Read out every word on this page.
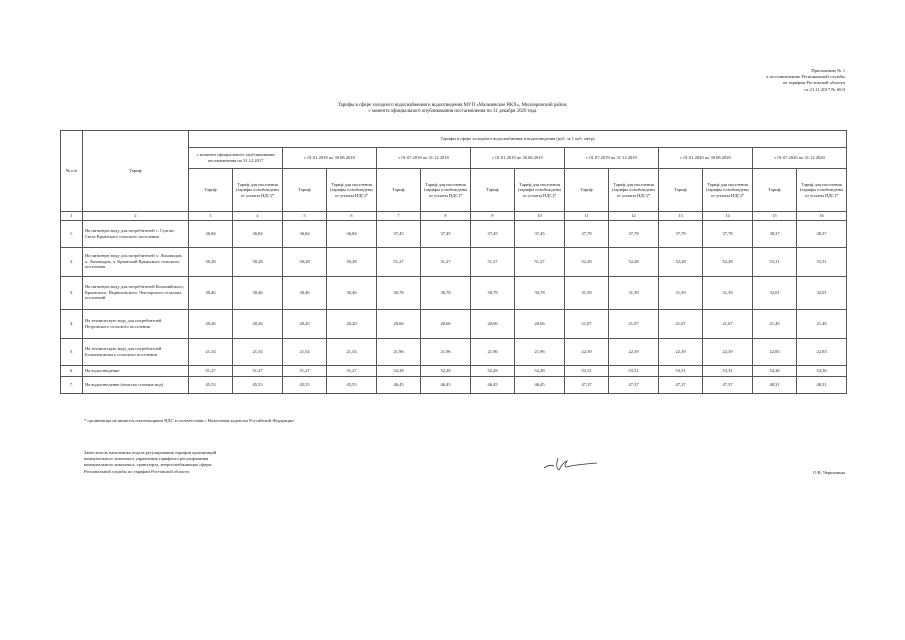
Приложение № 1
к постановлению Региональной службы
по тарифам Ростовской области
от 21.11.2017 № 60/4
Тарифы в сфере холодного водоснабжения и водоотведения МУП «Мальчевское ВКХ», Миллеровский район,
с момента официального опубликования постановления по 31 декабря 2020 года
№ п/п	Тариф	Тарифы в сфере холодного водоснабжения и водоотведения (руб. за 1 куб. метр)													
		с момента официального опубликования постановления по 31.12.2017		с 01.01.2018 по 30.06.2018		с 01.07.2018 по 31.12.2018		с 01.01.2019 по 30.06.2019		с 01.07.2019 по 31.12.2019		с 01.01.2020 по 30.06.2020		с 01.07.2020 по 31.12.2020	
		Тариф	Тариф для населения (тарифы освобождены от уплаты НДС)*	Тариф	Тариф для населения (тарифы освобождены от уплаты НДС)*	Тариф	Тариф для населения (тарифы освобождены от уплаты НДС)*	Тариф	Тариф для населения (тарифы освобождены от уплаты НДС)*	Тариф	Тариф для населения (тарифы освобождены от уплаты НДС)*	Тариф	Тариф для населения (тарифы освобождены от уплаты НДС)*	Тариф	Тариф для населения (тарифы освобождены от уплаты НДС)*
1	2	3	4	5	6	7	8	9	10	11	12	13	14	15	16
1.	На питьевую воду для потребителей с. Сулган, Сюла Крымского сельского поселения	36,84	36,84	36,84	36,84	37,45	37,45	37,45	37,45	37,78	37,78	37,78	37,78	38,37	38,37
2.	На питьевую воду для потребителей х. Лиховидов, х. Лиховидов, х. Крымский Крымского сельского поселения	50,28	50,28	50,28	50,28	51,27	51,27	51,27	51,27	52,28	52,28	52,28	52,28	53,31	53,31
3.	На питьевую воду для потребителей Колонийского, Крымского, Недвиговского, Чеплорского сельских поселений	30,46	30,46	30,46	30,46	30,78	30,78	30,78	30,78	31,39	31,39	31,39	31,39	32,01	32,01
4.	На техническую воду для потребителей Петровского сельского поселения	20,26	20,26	20,20	20,20	20,66	20,66	20,66	20,66	21,07	21,07	21,07	21,07	21,49	21,49
5.	На техническую воду для потребителей Большековского сельского поселения	21,54	21,54	21,54	21,54	21,96	21,96	21,96	21,96	22,39	22,39	22,39	22,39	22,83	22,83
6.	На водоотведение	51,27	51,27	51,27	51,27	52,28	52,28	52,28	52,28	53,31	53,31	53,31	53,31	54,36	54,36
7.	На водоотведение (очистка сточных вод)	45,53	45,53	45,55	45,55	46,45	46,45	46,45	46,45	47,37	47,37	47,37	47,37	48,31	48,31
* организация не является плательщиком НДС в соответствии с Налоговым кодексом Российской Федерации
Заместитель начальника отдела регулирования тарифов организаций
коммунального комплекса управления тарифного регулирования
коммунального комплекса, транспорта, энергоснабжающих сферы
Региональной службы по тарифам Ростовской области	О.В. Черкашина
